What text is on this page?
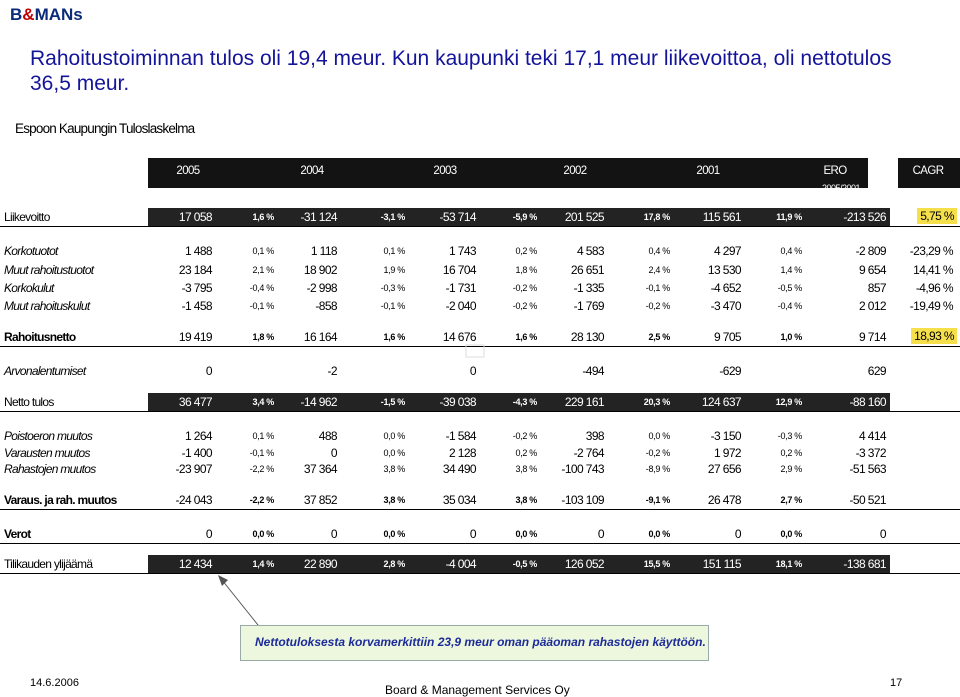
B&MANs
Rahoitustoiminnan tulos oli 19,4 meur. Kun kaupunki teki 17,1 meur liikevoittoa, oli nettotulos 36,5 meur.
Espoon Kaupungin Tuloslaskelma
2005	2004	2003	2002	2001	ERO
2005/2001
CAGR
Liikevoitto	17 058	1,6 % -31 124	-3,1 %	-53 714	-5,9 % 201 525	17,8 %	115 561	11,9 %	-213 526	5,75 %
Korkotuotot	1 488	0,1 %	1 118	0,1 %	1 743	0,2 %	4 583	0,4 %	4 297	0,4 %	-2 809 -23,29 %
Muut rahoitustuotot	23 184	2,1 % 18 902	1,9 %	16 704	1,8 %	26 651	2,4 %	13 530	1,4 %	9 654 14,41 %
Korkokulut	-3 795	-0,4 %	-2 998	-0,3 %	-1 731	-0,2 %	-1 335	-0,1 %	-4 652	-0,5 %	857 -4,96 %
Muut rahoituskulut	-1 458	-0,1 %	-858	-0,1 %	-2 040	-0,2 %	-1 769	-0,2 %	-3 470	-0,4 %	2 012 -19,49 %
Rahoitusnetto	19 419	1,8 % 16 164	1,6 %	14 676	1,6 %	28 130	2,5 %	9 705	1,0 %	9 714 18,93 %
Arvonalentumiset	0	-2	0	-494	-629	629
Netto tulos	36 477	3,4 % -14 962	-1,5 %	-39 038	-4,3 % 229 161	20,3 %	124 637	12,9 %	-88 160
Poistoeron muutos	1 264	0,1 %	488	0,0 %	-1 584	-0,2 %	398	0,0 %	-3 150	-0,3 %	4 414
Varausten muutos	-1 400	-0,1 %	0	0,0 %	2 128	0,2 %	-2 764	-0,2 %	1 972	0,2 %	-3 372
Rahastojen muutos	-23 907	-2,2 % 37 364	3,8 %	34 490	3,8 % -100 743	-8,9 %	27 656	2,9 %	-51 563
Varaus. ja rah. muutos	-24 043	-2,2 % 37 852	3,8 %	35 034	3,8 % -103 109	-9,1 %	26 478	2,7 %	-50 521
Verot	0	0,0 %	0	0,0 %	0	0,0 %	0	0,0 %	0	0,0 %	0
Tilikauden ylijäämä	12 434	1,4 % 22 890	2,8 %	-4 004	-0,5 % 126 052	15,5 %	151 115	18,1 %	-138 681
Nettotuloksesta korvamerkittiin 23,9 meur oman pääoman rahastojen käyttöön.
14.6.2006	Board & Management Services Oy	17
